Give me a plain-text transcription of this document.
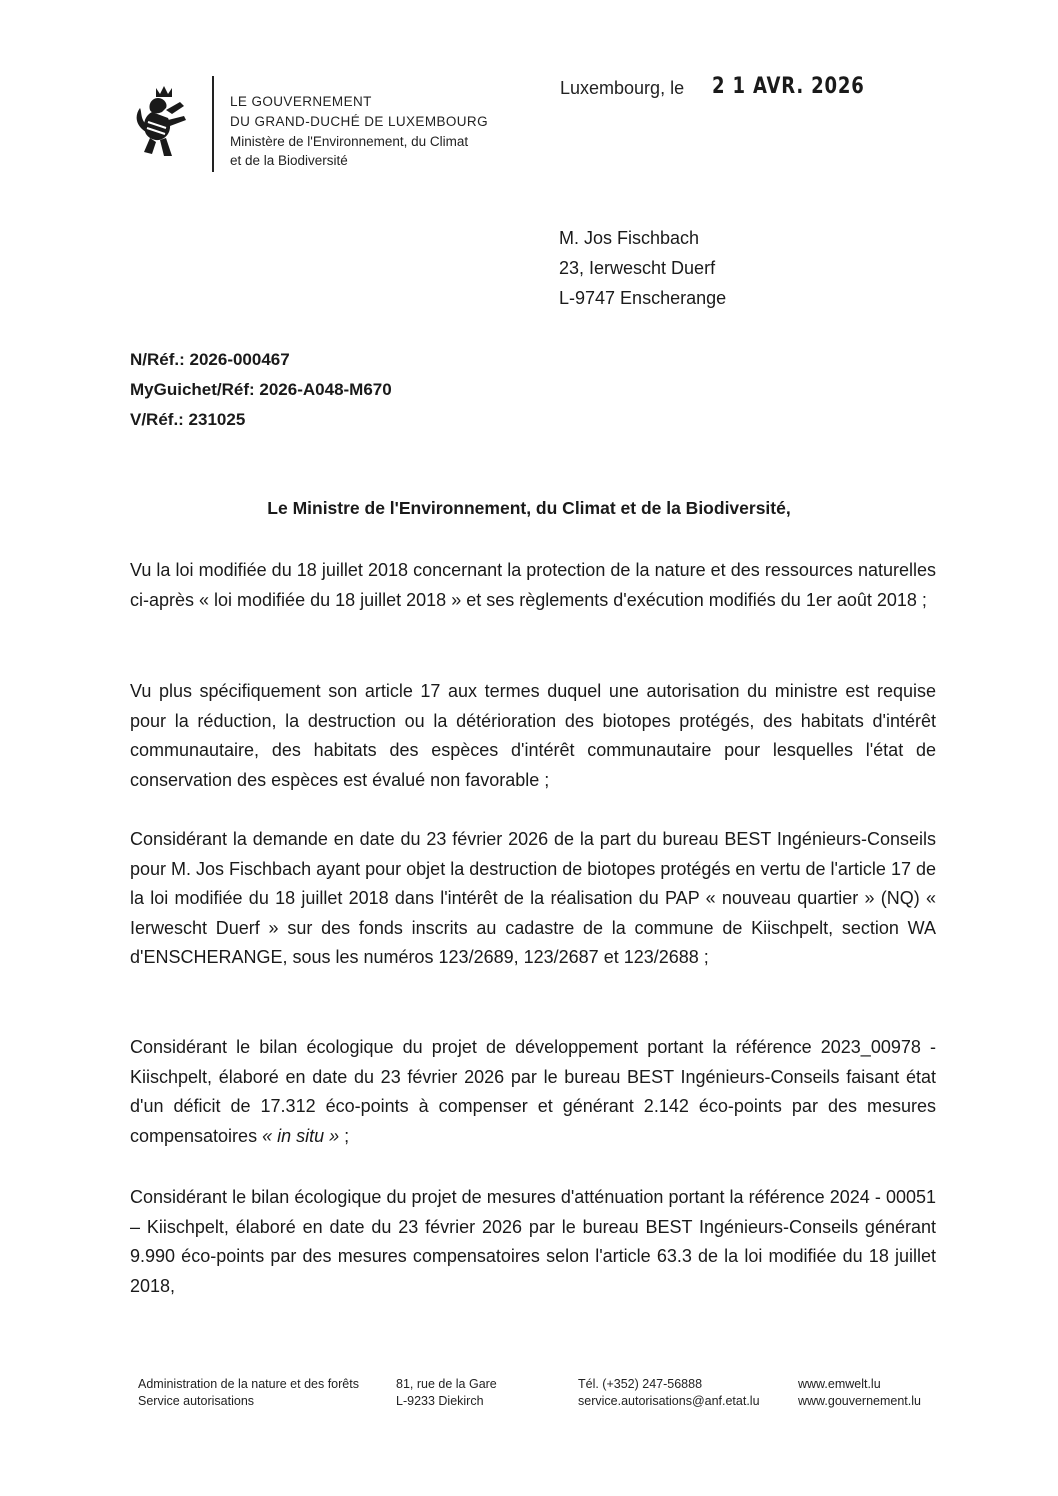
LE GOUVERNEMENT
DU GRAND-DUCHÉ DE LUXEMBOURG
Ministère de l'Environnement, du Climat
et de la Biodiversité
Luxembourg, le 2 1 AVR. 2026
M. Jos Fischbach
23, Ierwescht Duerf
L-9747 Enscherange
N/Réf.: 2026-000467
MyGuichet/Réf: 2026-A048-M670
V/Réf.: 231025
Le Ministre de l'Environnement, du Climat et de la Biodiversité,
Vu la loi modifiée du 18 juillet 2018 concernant la protection de la nature et des ressources naturelles ci-après « loi modifiée du 18 juillet 2018 » et ses règlements d'exécution modifiés du 1er août 2018 ;
Vu plus spécifiquement son article 17 aux termes duquel une autorisation du ministre est requise pour la réduction, la destruction ou la détérioration des biotopes protégés, des habitats d'intérêt communautaire, des habitats des espèces d'intérêt communautaire pour lesquelles l'état de conservation des espèces est évalué non favorable ;
Considérant la demande en date du 23 février 2026 de la part du bureau BEST Ingénieurs-Conseils pour M. Jos Fischbach ayant pour objet la destruction de biotopes protégés en vertu de l'article 17 de la loi modifiée du 18 juillet 2018 dans l'intérêt de la réalisation du PAP « nouveau quartier » (NQ) « Ierwescht Duerf » sur des fonds inscrits au cadastre de la commune de Kiischpelt, section WA d'ENSCHERANGE, sous les numéros 123/2689, 123/2687 et 123/2688 ;
Considérant le bilan écologique du projet de développement portant la référence 2023_00978 - Kiischpelt, élaboré en date du 23 février 2026 par le bureau BEST Ingénieurs-Conseils faisant état d'un déficit de 17.312 éco-points à compenser et générant 2.142 éco-points par des mesures compensatoires « in situ » ;
Considérant le bilan écologique du projet de mesures d'atténuation portant la référence 2024 - 00051 – Kiischpelt, élaboré en date du 23 février 2026 par le bureau BEST Ingénieurs-Conseils générant 9.990 éco-points par des mesures compensatoires selon l'article 63.3 de la loi modifiée du 18 juillet 2018,
Administration de la nature et des forêts
Service autorisations
81, rue de la Gare
L-9233 Diekirch
Tél. (+352) 247-56888
service.autorisations@anf.etat.lu
www.emwelt.lu
www.gouvernement.lu
